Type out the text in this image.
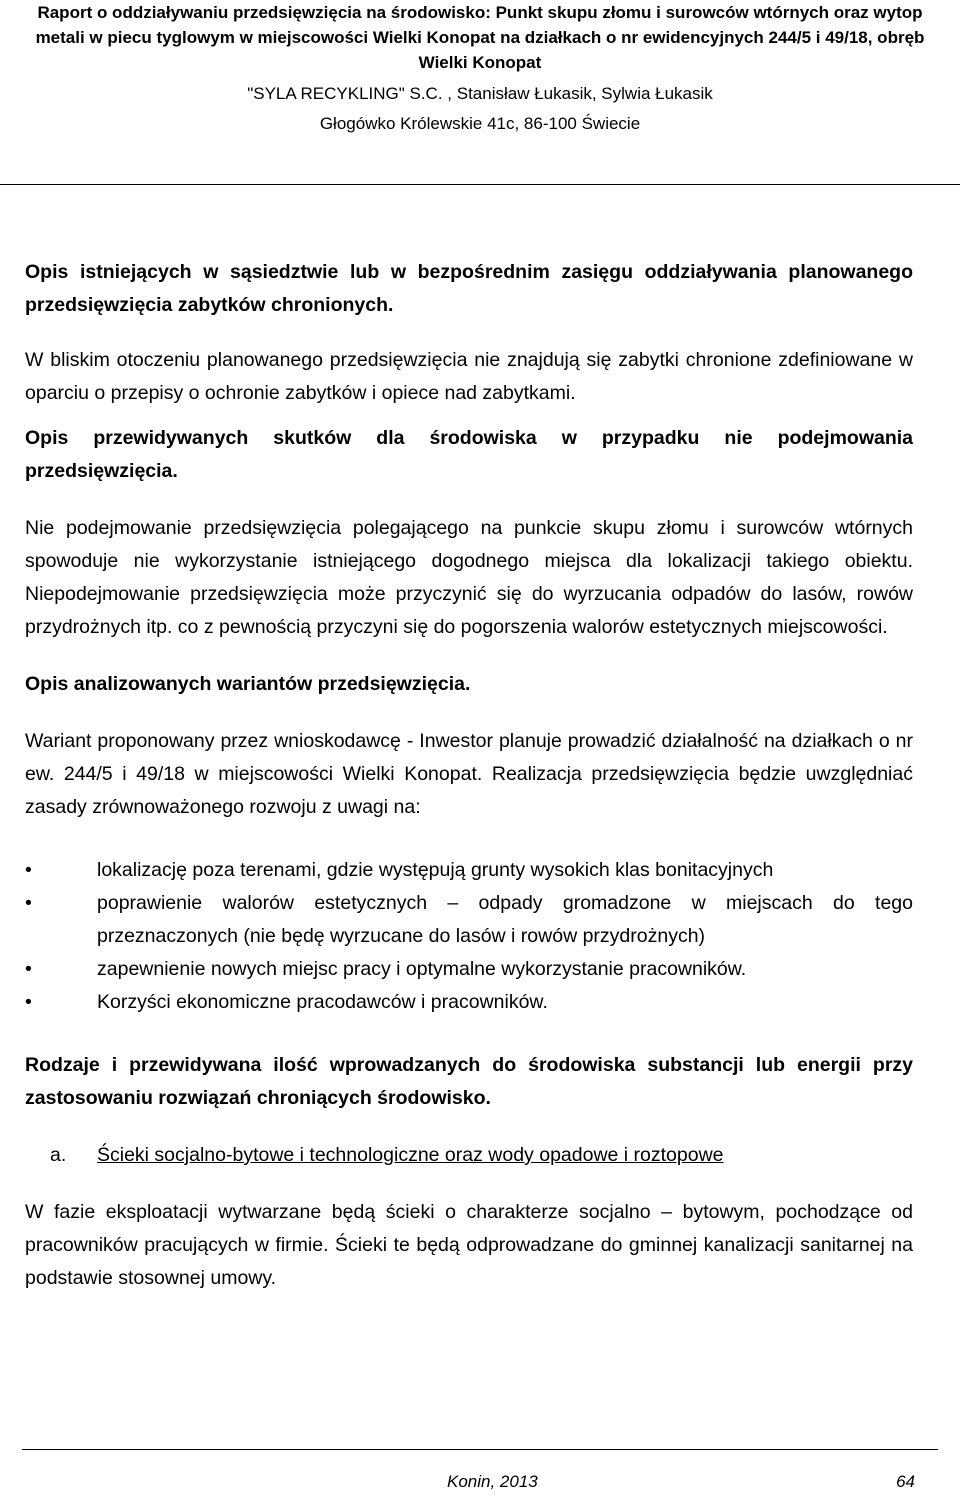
Raport o oddziaływaniu przedsięwzięcia na środowisko: Punkt skupu złomu i surowców wtórnych oraz wytop metali w piecu tyglowym w miejscowości Wielki Konopat na działkach o nr ewidencyjnych 244/5 i 49/18, obręb Wielki Konopat
"SYLA RECYKLING" S.C. , Stanisław Łukasik, Sylwia Łukasik
Głogówko Królewskie 41c, 86-100 Świecie

Opis istniejących w sąsiedztwie lub w bezpośrednim zasięgu oddziaływania planowanego przedsięwzięcia zabytków chronionych.

W bliskim otoczeniu planowanego przedsięwzięcia nie znajdują się zabytki chronione zdefiniowane w oparciu o przepisy o ochronie zabytków i opiece nad zabytkami.

Opis przewidywanych skutków dla środowiska w przypadku nie podejmowania przedsięwzięcia.

Nie podejmowanie przedsięwzięcia polegającego na punkcie skupu złomu i surowców wtórnych spowoduje nie wykorzystanie istniejącego dogodnego miejsca dla lokalizacji takiego obiektu. Niepodejmowanie przedsięwzięcia może przyczynić się do wyrzucania odpadów do lasów, rowów przydrożnych itp. co z pewnością przyczyni się do pogorszenia walorów estetycznych miejscowości.

Opis analizowanych wariantów przedsięwzięcia.

Wariant proponowany przez wnioskodawcę - Inwestor planuje prowadzić działalność na działkach o nr ew. 244/5 i 49/18 w miejscowości Wielki Konopat. Realizacja przedsięwzięcia będzie uwzględniać zasady zrównoważonego rozwoju z uwagi na:

•	lokalizację poza terenami, gdzie występują grunty wysokich klas bonitacyjnych
•	poprawienie walorów estetycznych – odpady gromadzone w miejscach do tego przeznaczonych (nie będę wyrzucane do lasów i rowów przydrożnych)
•	zapewnienie nowych miejsc pracy i optymalne wykorzystanie pracowników.
•	Korzyści ekonomiczne pracodawców i pracowników.

Rodzaje i przewidywana ilość wprowadzanych do środowiska substancji lub energii przy zastosowaniu rozwiązań chroniących środowisko.

a. Ścieki socjalno-bytowe i technologiczne oraz wody opadowe i roztopowe

W fazie eksploatacji wytwarzane będą ścieki o charakterze socjalno – bytowym, pochodzące od pracowników pracujących w firmie. Ścieki te będą odprowadzane do gminnej kanalizacji sanitarnej na podstawie stosownej umowy.

Konin, 2013	64
